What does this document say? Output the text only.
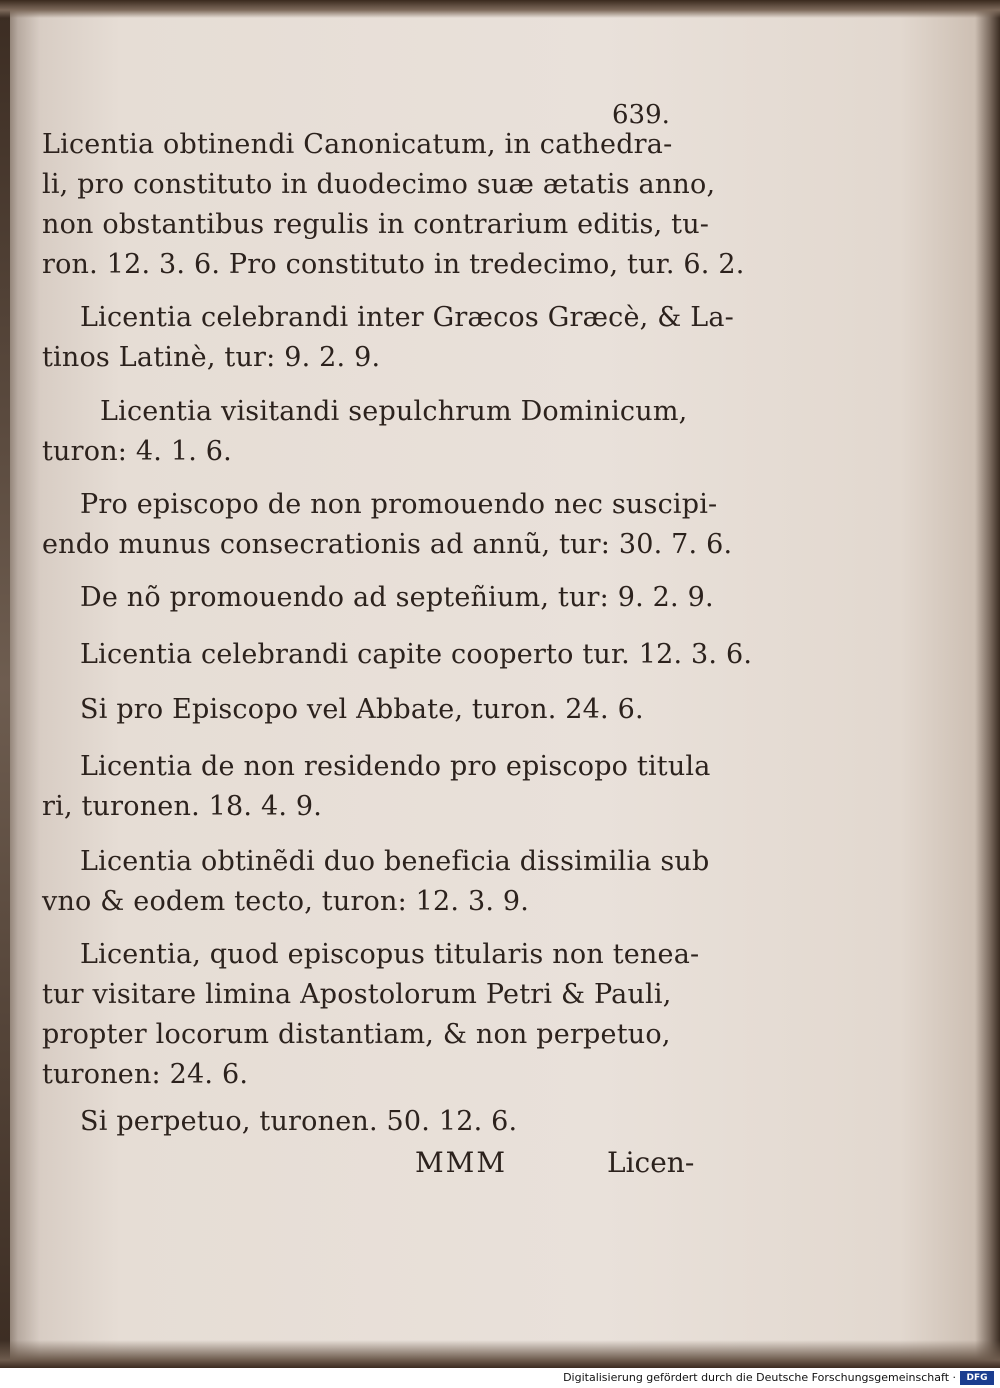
639.
Licentia obtinendi Canonicatum, in cathedra-
li, pro constituto in duodecimo suæ ætatis anno,
non obstantibus regulis in contrarium editis, tu-
ron. 12. 3. 6. Pro constituto in tredecimo, tur. 6. 2.
Licentia celebrandi inter Græcos Græcè, & La-
tinos Latinè, tur: 9. 2. 9.
Licentia visitandi sepulchrum Dominicum,
turon: 4. 1. 6.
Pro episcopo de non promouendo nec suscipi-
endo munus consecrationis ad annũ, tur: 30. 7. 6.
De nõ promouendo ad septeñium, tur: 9. 2. 9.
Licentia celebrandi capite cooperto tur. 12. 3. 6.
Si pro Episcopo vel Abbate, turon. 24. 6.
Licentia de non residendo pro episcopo titula
ri, turonen. 18. 4. 9.
Licentia obtinẽdi duo beneficia dissimilia sub
vno & eodem tecto, turon: 12. 3. 9.
Licentia, quod episcopus titularis non tenea-
tur visitare limina Apostolorum Petri & Pauli,
propter locorum distantiam, & non perpetuo,
turonen: 24. 6.
Si perpetuo, turonen. 50. 12. 6.
MMM	Licen-
Digitalisierung gefördert durch die Deutsche Forschungsgemeinschaft ·	DFG
